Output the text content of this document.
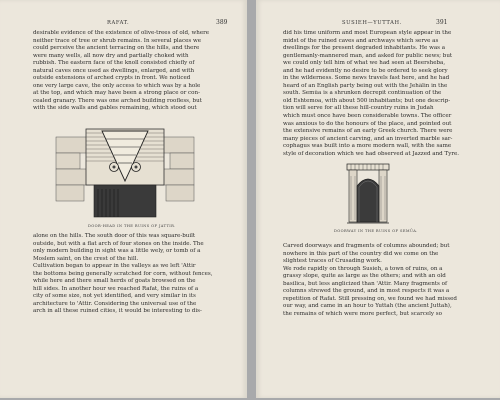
RAFAT.	389
desirable evidence of the existence of olive-trees of old, where
neither trace of tree or shrub remains. In several places we
could perceive the ancient terracing on the hills, and there
were many wells, all now dry and partially choked with
rubbish. The eastern face of the knoll consisted chiefly of
natural caves once used as dwellings, enlarged, and with
outside extensions of arched crypts in front. We noticed
one very large cave, the only access to which was by a hole
at the top, and which may have been a strong place or con-
cealed granary. There was one arched building roofless, but
with the side walls and gables remaining, which stood out
DOOR-HEAD IN THE RUINS OF JATTIR.
alone on the hills. The south door of this was square-built
outside, but with a flat arch of four stones on the inside. The
only modern building in sight was a little wely, or tomb of a
Moslem saint, on the crest of the hill.
Cultivation began to appear in the valleys as we left 'Attir
the bottoms being generally scratched for corn, without fences,
while here and there small herds of goats browsed on the
hill sides. In another hour we reached Rafat, the ruins of a
city of some size, not yet identified, and very similar in its
architecture to 'Attir. Considering the universal use of the
arch in all these ruined cities, it would be interesting to dis-
SUSIEH—YUTTAH.	391
did his time uniform and most European style appear in the
midst of the ruined caves and archways which serve as
dwellings for the present degraded inhabitants. He was a
gentlemanly-mannered man, and asked for public news; but
we could only tell him of what we had seen at Beersheba,
and he had evidently no desire to be ordered to seek glory
in the wilderness. Some news travels fast here, and he had
heard of an English party being out with the Jehâlin in the
south. Semûa is a shrunken decrepit continuation of the
old Eshtemoa, with about 500 inhabitants; but one descrip-
tion will serve for all these hill-country ruins in Judah
which must once have been considerable towns. The officer
was anxious to do the honours of the place, and pointed out
the extensive remains of an early Greek church. There were
many pieces of ancient carving, and an inverted marble sar-
cophagus was built into a more modern wall, with the same
style of decoration which we had observed at Jazzed and Tyre.
DOORWAY IN THE RUINS OF SEMÛA.
Carved doorways and fragments of columns abounded; but
nowhere in this part of the country did we come on the
slightest traces of Crusading work.
We rode rapidly on through Susieh, a town of ruins, on a
grassy slope, quite as large as the others; and with an old
basilica, but less anglicized than 'Attir. Many fragments of
columns strewed the ground, and in most respects it was a
repetition of Rafat. Still pressing on, we found we had missed
our way, and came in an hour to Yuttah (the ancient Juttah),
the remains of which were more perfect, but scarcely so
